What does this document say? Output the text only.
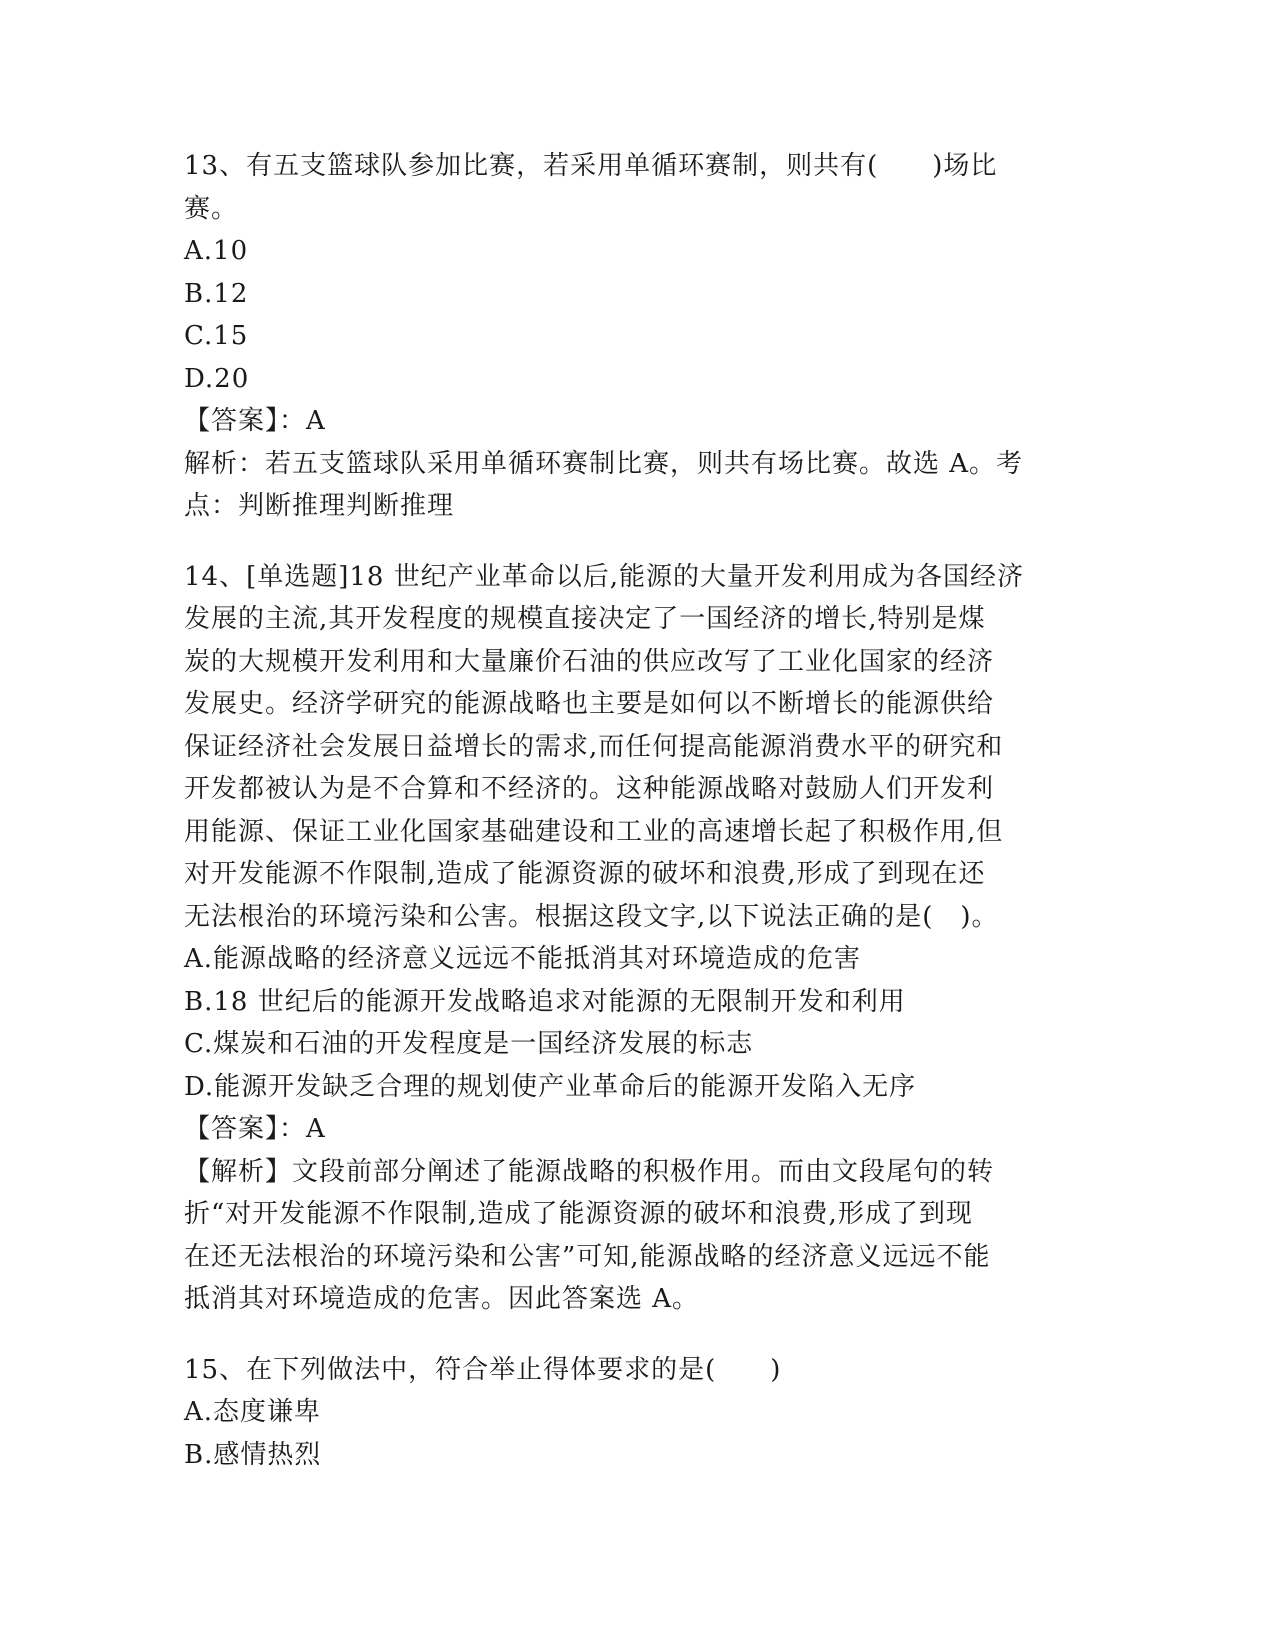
13、有五支篮球队参加比赛，若采用单循环赛制，则共有(　　)场比
赛。
A.10
B.12
C.15
D.20
【答案】：A
解析：若五支篮球队采用单循环赛制比赛，则共有场比赛。故选 A。考
点：判断推理判断推理
14、[单选题]18 世纪产业革命以后,能源的大量开发利用成为各国经济
发展的主流,其开发程度的规模直接决定了一国经济的增长,特别是煤
炭的大规模开发利用和大量廉价石油的供应改写了工业化国家的经济
发展史。经济学研究的能源战略也主要是如何以不断增长的能源供给
保证经济社会发展日益增长的需求,而任何提高能源消费水平的研究和
开发都被认为是不合算和不经济的。这种能源战略对鼓励人们开发利
用能源、保证工业化国家基础建设和工业的高速增长起了积极作用,但
对开发能源不作限制,造成了能源资源的破坏和浪费,形成了到现在还
无法根治的环境污染和公害。根据这段文字,以下说法正确的是(　)。
A.能源战略的经济意义远远不能抵消其对环境造成的危害
B.18 世纪后的能源开发战略追求对能源的无限制开发和利用
C.煤炭和石油的开发程度是一国经济发展的标志
D.能源开发缺乏合理的规划使产业革命后的能源开发陷入无序
【答案】：A
【解析】文段前部分阐述了能源战略的积极作用。而由文段尾句的转
折“对开发能源不作限制,造成了能源资源的破坏和浪费,形成了到现
在还无法根治的环境污染和公害”可知,能源战略的经济意义远远不能
抵消其对环境造成的危害。因此答案选 A。
15、在下列做法中，符合举止得体要求的是(　　)
A.态度谦卑
B.感情热烈
